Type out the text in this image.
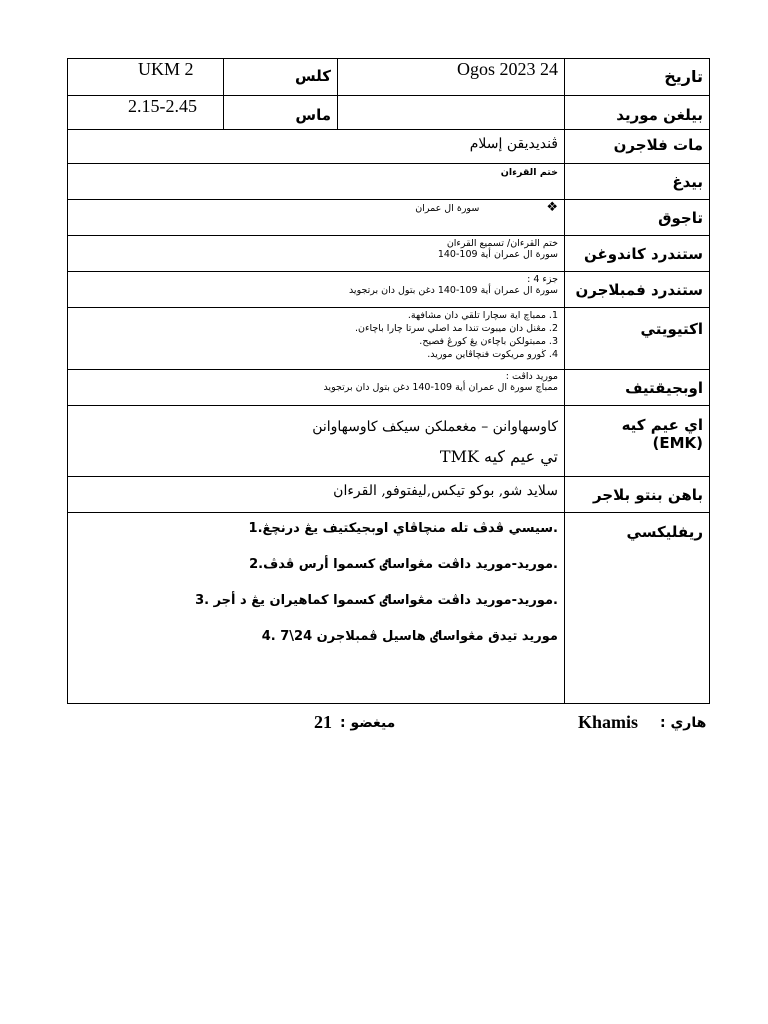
UKM 2	كلس	Ogos 2023 24	تاريخ
2.15-2.45	ماس		بيلغن موريد
ڤنديديقن إسلام			مات فلاجرن
ختم القرءان			بيدغ
❖ سورة ال عمران			تاجوق

ختم القرءان/ تسميع القرءان
سورة ال عمران أية 109-140			ستندرد كاندوغن

جزء 4 :
سورة ال عمران أية 109-140 دغن بتول دان برتجويد			ستندرد فمبلاجرن

1. ممباچ اية سچارا تلقي دان مشافهة.
2. مڠنل دان ميبوت تندا مد اصلي سرتا چارا باچاءن.
3. ممبتولكن باچاءن يڠ كورڠ فصيح.
4. ڬورو مريكوت فنچاڤاين موريد.			اكتيويتي

موريد داڤت :
ممباچ سورة ال عمران أية 109-140 دغن بتول دان برتجويد			اوبجيقتيف

كاوسهاوانن – مغعملكن سيكف كاوسهاوانن
تي عيم كيه TMK			اي عيم كيه (EMK)
سلايد شو, بوكو تيكس,ليفتوفو, القرءان			باهن بنتو بلاجر

.سيسي ڤدڤ تله منچاڤاي اوبجيكتيف يڠ درنچڠ.1
.موريد-موريد داڤت مڠواساٸ كسموا أرس ڤدڤ.2
.موريد-موريد داڤت مڠواساٸ كسموا كماهيران يڠ د أجر .3
موريد تيدق مڠواساٸ هاسيل ڤمبلاجرن 24\7 .4			ريفليكسي
هاري :
Khamis
ميغضو :
21
